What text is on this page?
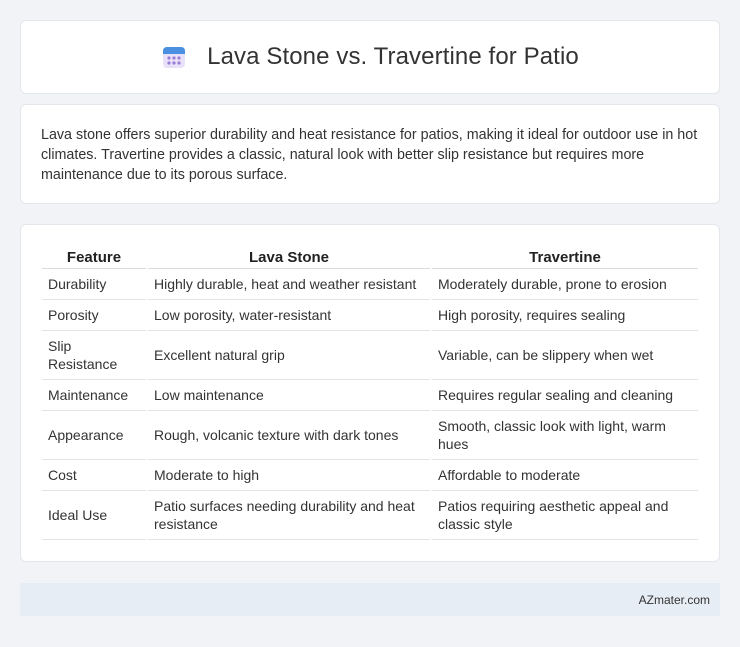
Lava Stone vs. Travertine for Patio

Lava stone offers superior durability and heat resistance for patios, making it ideal for outdoor use in hot climates. Travertine provides a classic, natural look with better slip resistance but requires more maintenance due to its porous surface.

Feature	Lava Stone	Travertine
Durability	Highly durable, heat and weather resistant	Moderately durable, prone to erosion
Porosity	Low porosity, water-resistant	High porosity, requires sealing
Slip Resistance	Excellent natural grip	Variable, can be slippery when wet
Maintenance	Low maintenance	Requires regular sealing and cleaning
Appearance	Rough, volcanic texture with dark tones	Smooth, classic look with light, warm hues
Cost	Moderate to high	Affordable to moderate
Ideal Use	Patio surfaces needing durability and heat resistance	Patios requiring aesthetic appeal and classic style
AZmater.com
